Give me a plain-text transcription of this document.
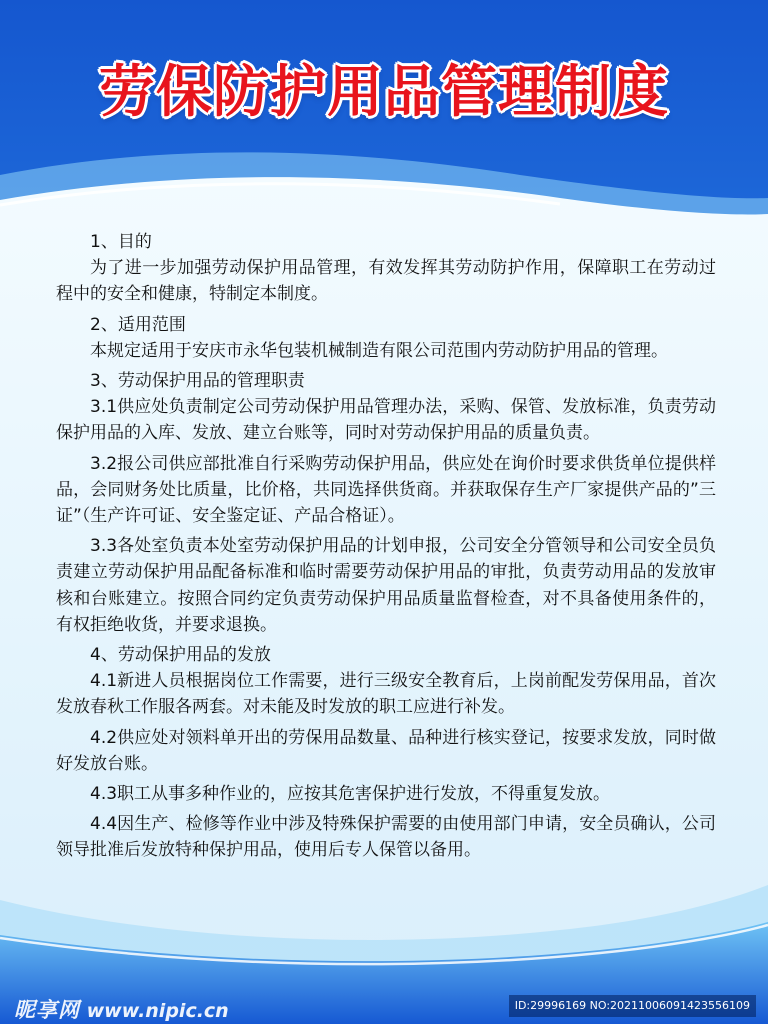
劳保防护用品管理制度

1、目的

为了进一步加强劳动保护用品管理，有效发挥其劳动防护作用，保障职工在劳动过程中的安全和健康，特制定本制度。

2、适用范围

本规定适用于安庆市永华包装机械制造有限公司范围内劳动防护用品的管理。

3、劳动保护用品的管理职责

3.1供应处负责制定公司劳动保护用品管理办法，采购、保管、发放标准，负责劳动保护用品的入库、发放、建立台账等，同时对劳动保护用品的质量负责。

3.2报公司供应部批准自行采购劳动保护用品，供应处在询价时要求供货单位提供样品，会同财务处比质量，比价格，共同选择供货商。并获取保存生产厂家提供产品的”三证”（生产许可证、安全鉴定证、产品合格证）。

3.3各处室负责本处室劳动保护用品的计划申报，公司安全分管领导和公司安全员负责建立劳动保护用品配备标准和临时需要劳动保护用品的审批，负责劳动用品的发放审核和台账建立。按照合同约定负责劳动保护用品质量监督检查，对不具备使用条件的，有权拒绝收货，并要求退换。

4、劳动保护用品的发放

4.1新进人员根据岗位工作需要，进行三级安全教育后，上岗前配发劳保用品，首次发放春秋工作服各两套。对未能及时发放的职工应进行补发。

4.2供应处对领料单开出的劳保用品数量、品种进行核实登记，按要求发放，同时做好发放台账。

4.3职工从事多种作业的，应按其危害保护进行发放，不得重复发放。

4.4因生产、检修等作业中涉及特殊保护需要的由使用部门申请，安全员确认，公司领导批准后发放特种保护用品，使用后专人保管以备用。

昵享网 www.nipic.cn	ID:29996169 NO:20211006091423556109
